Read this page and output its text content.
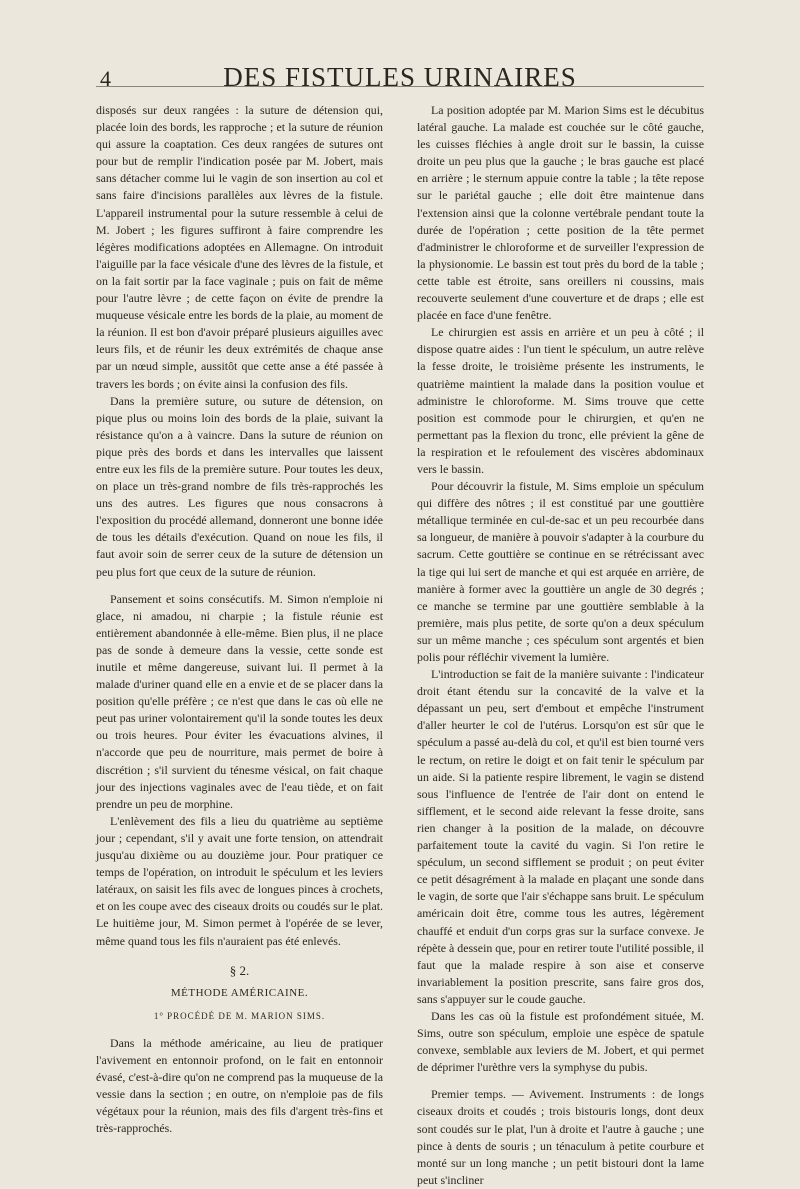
4	DES FISTULES URINAIRES

disposés sur deux rangées : la suture de détension qui, placée loin des bords, les rapproche ; et la suture de réunion qui assure la coaptation. Ces deux rangées de sutures ont pour but de remplir l'indication posée par M. Jobert, mais sans détacher comme lui le vagin de son insertion au col et sans faire d'incisions parallèles aux lèvres de la fistule. L'appareil instrumental pour la suture ressemble à celui de M. Jobert ; les figures suffiront à faire comprendre les légères modifications adoptées en Allemagne. On introduit l'aiguille par la face vésicale d'une des lèvres de la fistule, et on la fait sortir par la face vaginale ; puis on fait de même pour l'autre lèvre ; de cette façon on évite de prendre la muqueuse vésicale entre les bords de la plaie, au moment de la réunion. Il est bon d'avoir préparé plusieurs aiguilles avec leurs fils, et de réunir les deux extrémités de chaque anse par un nœud simple, aussitôt que cette anse a été passée à travers les bords ; on évite ainsi la confusion des fils.

Dans la première suture, ou suture de détension, on pique plus ou moins loin des bords de la plaie, suivant la résistance qu'on a à vaincre. Dans la suture de réunion on pique près des bords et dans les intervalles que laissent entre eux les fils de la première suture. Pour toutes les deux, on place un très-grand nombre de fils très-rapprochés les uns des autres. Les figures que nous consacrons à l'exposition du procédé allemand, donneront une bonne idée de tous les détails d'exécution. Quand on noue les fils, il faut avoir soin de serrer ceux de la suture de détension un peu plus fort que ceux de la suture de réunion.

Pansement et soins consécutifs. M. Simon n'emploie ni glace, ni amadou, ni charpie ; la fistule réunie est entièrement abandonnée à elle-même. Bien plus, il ne place pas de sonde à demeure dans la vessie, cette sonde est inutile et même dangereuse, suivant lui. Il permet à la malade d'uriner quand elle en a envie et de se placer dans la position qu'elle préfère ; ce n'est que dans le cas où elle ne peut pas uriner volontairement qu'il la sonde toutes les deux ou trois heures. Pour éviter les évacuations alvines, il n'accorde que peu de nourriture, mais permet de boire à discrétion ; s'il survient du ténesme vésical, on fait chaque jour des injections vaginales avec de l'eau tiède, et on fait prendre un peu de morphine.

L'enlèvement des fils a lieu du quatrième au septième jour ; cependant, s'il y avait une forte tension, on attendrait jusqu'au dixième ou au douzième jour. Pour pratiquer ce temps de l'opération, on introduit le spéculum et les leviers latéraux, on saisit les fils avec de longues pinces à crochets, et on les coupe avec des ciseaux droits ou coudés sur le plat. Le huitième jour, M. Simon permet à l'opérée de se lever, même quand tous les fils n'auraient pas été enlevés.

§ 2.
MÉTHODE AMÉRICAINE.
1° PROCÉDÉ DE M. MARION SIMS.

Dans la méthode américaine, au lieu de pratiquer l'avivement en entonnoir profond, on le fait en entonnoir évasé, c'est-à-dire qu'on ne comprend pas la muqueuse de la vessie dans la section ; en outre, on n'emploie pas de fils végétaux pour la réunion, mais des fils d'argent très-fins et très-rapprochés.

La position adoptée par M. Marion Sims est le décubitus latéral gauche. La malade est couchée sur le côté gauche, les cuisses fléchies à angle droit sur le bassin, la cuisse droite un peu plus que la gauche ; le bras gauche est placé en arrière ; le sternum appuie contre la table ; la tête repose sur le pariétal gauche ; elle doit être maintenue dans l'extension ainsi que la colonne vertébrale pendant toute la durée de l'opération ; cette position de la tête permet d'administrer le chloroforme et de surveiller l'expression de la physionomie. Le bassin est tout près du bord de la table ; cette table est étroite, sans oreillers ni coussins, mais recouverte seulement d'une couverture et de draps ; elle est placée en face d'une fenêtre.

Le chirurgien est assis en arrière et un peu à côté ; il dispose quatre aides : l'un tient le spéculum, un autre relève la fesse droite, le troisième présente les instruments, le quatrième maintient la malade dans la position voulue et administre le chloroforme. M. Sims trouve que cette position est commode pour le chirurgien, et qu'en ne permettant pas la flexion du tronc, elle prévient la gêne de la respiration et le refoulement des viscères abdominaux vers le bassin.

Pour découvrir la fistule, M. Sims emploie un spéculum qui diffère des nôtres ; il est constitué par une gouttière métallique terminée en cul-de-sac et un peu recourbée dans sa longueur, de manière à pouvoir s'adapter à la courbure du sacrum. Cette gouttière se continue en se rétrécissant avec la tige qui lui sert de manche et qui est arquée en arrière, de manière à former avec la gouttière un angle de 30 degrés ; ce manche se termine par une gouttière semblable à la première, mais plus petite, de sorte qu'on a deux spéculum sur un même manche ; ces spéculum sont argentés et bien polis pour réfléchir vivement la lumière.

L'introduction se fait de la manière suivante : l'indicateur droit étant étendu sur la concavité de la valve et la dépassant un peu, sert d'embout et empêche l'instrument d'aller heurter le col de l'utérus. Lorsqu'on est sûr que le spéculum a passé au-delà du col, et qu'il est bien tourné vers le rectum, on retire le doigt et on fait tenir le spéculum par un aide. Si la patiente respire librement, le vagin se distend sous l'influence de l'entrée de l'air dont on entend le sifflement, et le second aide relevant la fesse droite, sans rien changer à la position de la malade, on découvre parfaitement toute la cavité du vagin. Si l'on retire le spéculum, un second sifflement se produit ; on peut éviter ce petit désagrément à la malade en plaçant une sonde dans le vagin, de sorte que l'air s'échappe sans bruit. Le spéculum américain doit être, comme tous les autres, légèrement chauffé et enduit d'un corps gras sur la surface convexe. Je répète à dessein que, pour en retirer toute l'utilité possible, il faut que la malade respire à son aise et conserve invariablement la position prescrite, sans faire gros dos, sans s'appuyer sur le coude gauche.

Dans les cas où la fistule est profondément située, M. Sims, outre son spéculum, emploie une espèce de spatule convexe, semblable aux leviers de M. Jobert, et qui permet de déprimer l'urèthre vers la symphyse du pubis.

Premier temps. — Avivement. Instruments : de longs ciseaux droits et coudés ; trois bistouris longs, dont deux sont coudés sur le plat, l'un à droite et l'autre à gauche ; une pince à dents de souris ; un ténaculum à petite courbure et monté sur un long manche ; un petit bistouri dont la lame peut s'incliner
